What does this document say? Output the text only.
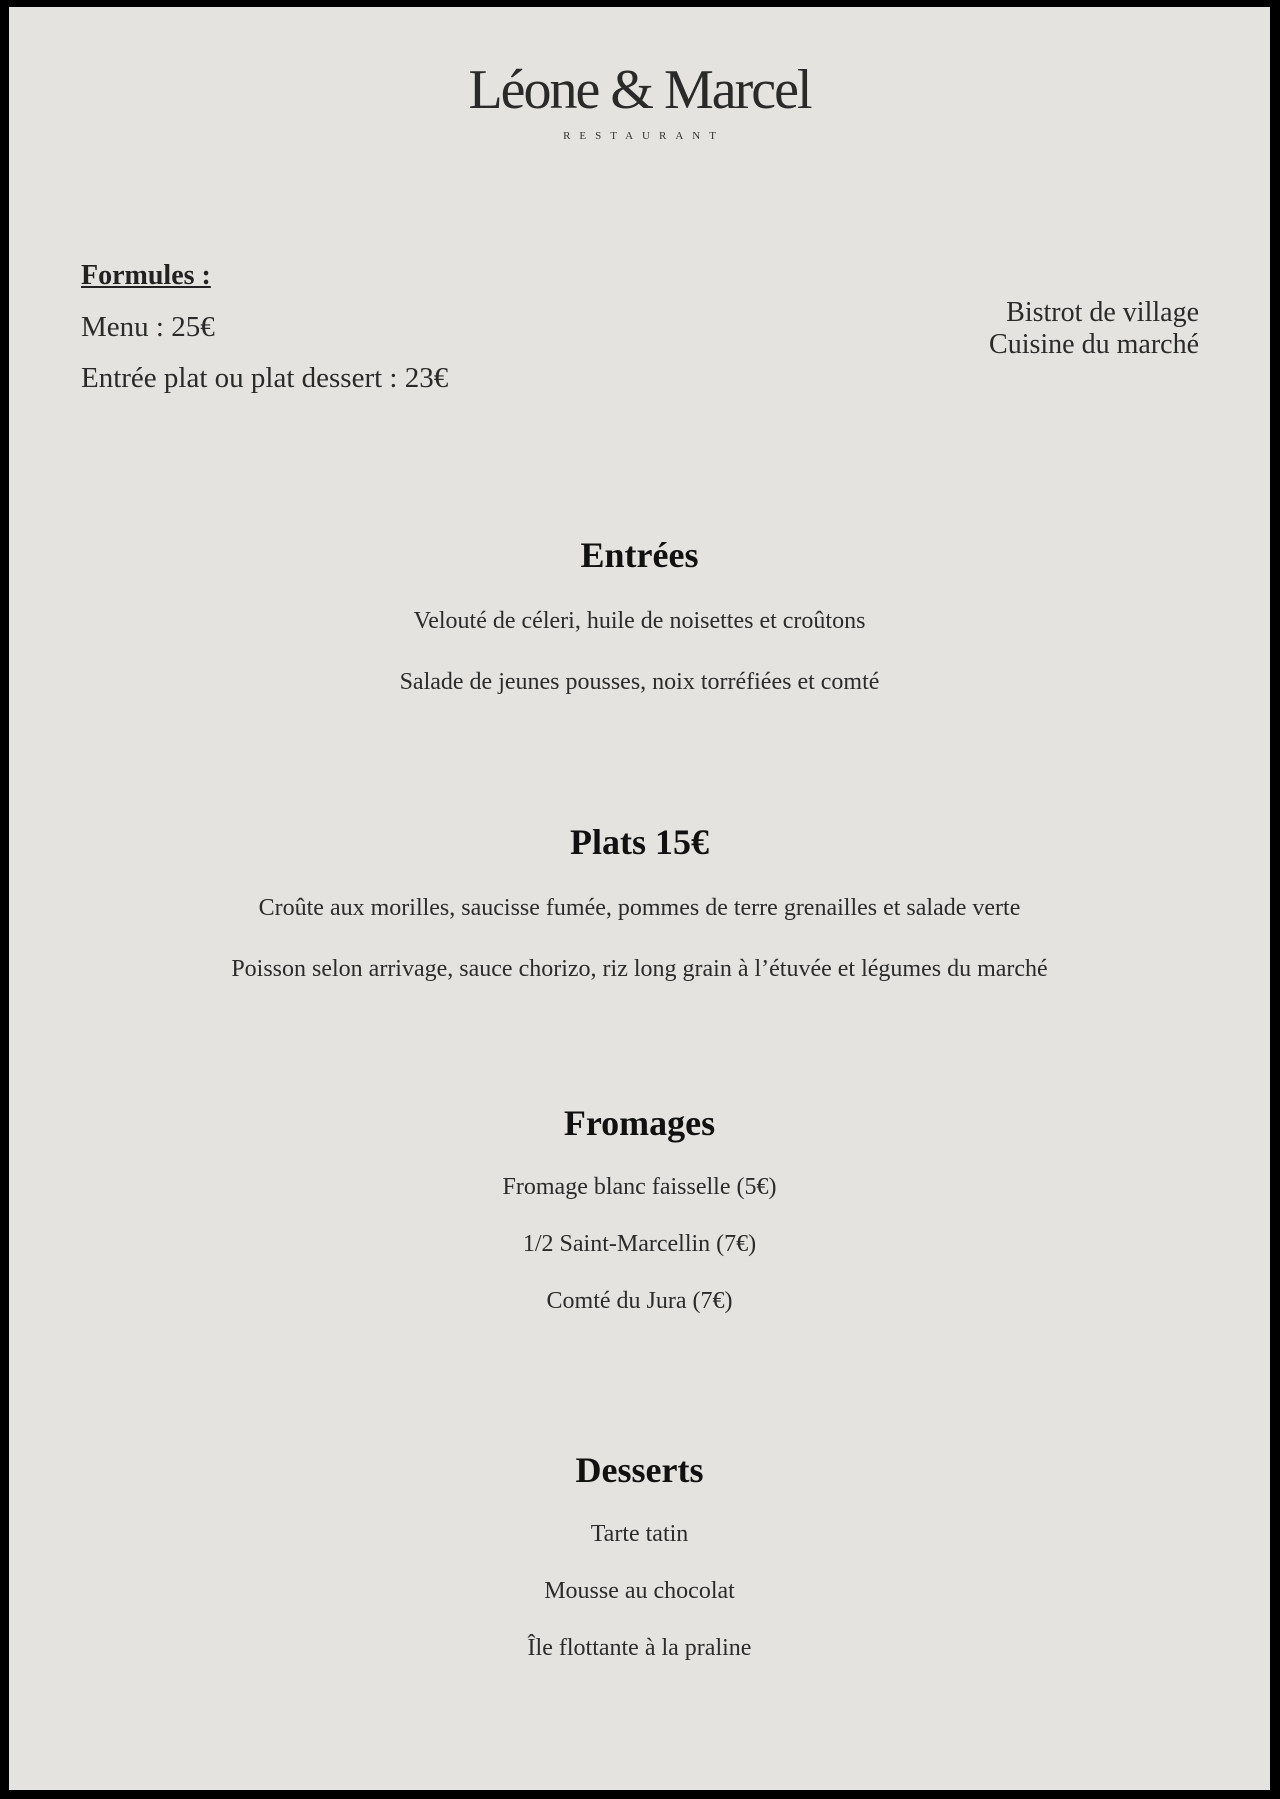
Léone & Marcel
RESTAURANT
Formules :
Menu : 25€
Entrée plat ou plat dessert : 23€
Bistrot de village
Cuisine du marché
Entrées
Velouté de céleri, huile de noisettes et croûtons
Salade de jeunes pousses, noix torréfiées et comté
Plats 15€
Croûte aux morilles, saucisse fumée, pommes de terre grenailles et salade verte
Poisson selon arrivage, sauce chorizo, riz long grain à l’étuvée et légumes du marché
Fromages
Fromage blanc faisselle (5€)
1/2 Saint-Marcellin (7€)
Comté du Jura (7€)
Desserts
Tarte tatin
Mousse au chocolat
Île flottante à la praline
